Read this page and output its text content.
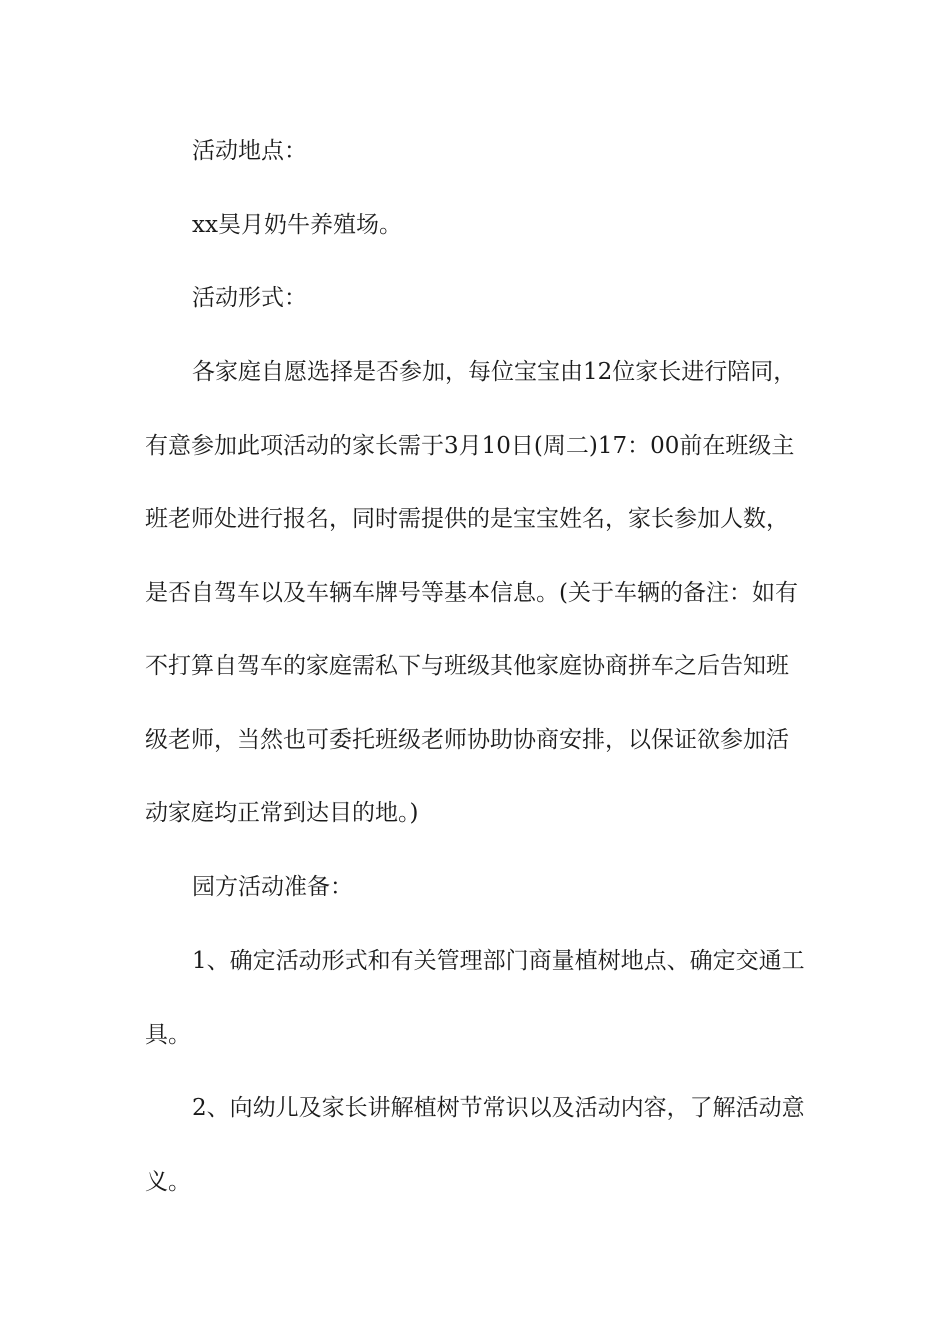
活动地点：

xx昊月奶牛养殖场。

活动形式：

各家庭自愿选择是否参加，每位宝宝由12位家长进行陪同，有意参加此项活动的家长需于3月10日(周二)17：00前在班级主班老师处进行报名，同时需提供的是宝宝姓名，家长参加人数，是否自驾车以及车辆车牌号等基本信息。(关于车辆的备注：如有不打算自驾车的家庭需私下与班级其他家庭协商拼车之后告知班级老师，当然也可委托班级老师协助协商安排，以保证欲参加活动家庭均正常到达目的地。)

园方活动准备：

1、确定活动形式和有关管理部门商量植树地点、确定交通工具。

2、向幼儿及家长讲解植树节常识以及活动内容，了解活动意义。
